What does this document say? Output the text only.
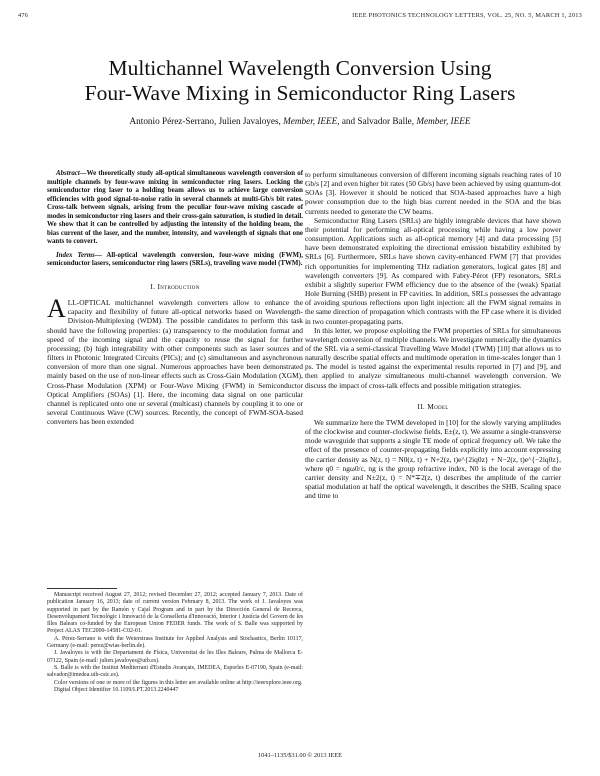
476	IEEE PHOTONICS TECHNOLOGY LETTERS, VOL. 25, NO. 5, MARCH 1, 2013
Multichannel Wavelength Conversion Using
Four-Wave Mixing in Semiconductor Ring Lasers
Antonio Pérez-Serrano, Julien Javaloyes, Member, IEEE, and Salvador Balle, Member, IEEE

Abstract—We theoretically study all-optical simultaneous wavelength conversion of multiple channels by four-wave mixing in semiconductor ring lasers. Locking the semiconductor ring laser to a holding beam allows us to achieve large conversion efficiencies with good signal-to-noise ratio in several channels at multi-Gb/s bit rates. Cross-talk between signals, arising from the peculiar four-wave mixing cascade of modes in semiconductor ring lasers and their cross-gain saturation, is studied in detail. We show that it can be controlled by adjusting the intensity of the holding beam, the bias current of the laser, and the number, intensity, and wavelength of signals that one wants to convert.

Index Terms— All-optical wavelength conversion, four-wave mixing (FWM), semiconductor lasers, semiconductor ring lasers (SRLs), traveling wave model (TWM).

I. Introduction

ALL-OPTICAL multichannel wavelength converters allow to enhance the capacity and flexibility of future all-optical networks based on Wavelength-Division-Multiplexing (WDM). The possible candidates to perform this task should have the following properties: (a) transparency to the modulation format and speed of the incoming signal and the capacity to reuse the signal for further processing; (b) high integrability with other components such as laser sources and filters in Photonic Integrated Circuits (PICs); and (c) simultaneous and asynchronous conversion of more than one signal. Numerous approaches have been demonstrated mainly based on the use of non-linear effects such as Cross-Gain Modulation (XGM), Cross-Phase Modulation (XPM) or Four-Wave Mixing (FWM) in Semiconductor Optical Amplifiers (SOAs) [1]. Here, the incoming data signal on one particular channel is replicated onto one or several (multicast) channels by coupling it to one or several Continuous Wave (CW) sources. Recently, the concept of FWM-SOA-based converters has been extended

Manuscript received August 27, 2012; revised December 27, 2012; accepted January 7, 2013. Date of publication January 16, 2013; date of current version February 8, 2013. The work of J. Javaloyes was supported in part by the Ramón y Cajal Program and in part by the Dirección General de Recerca, Desenvolupament Tecnològic i Innovació de la Conselleria d'Innovació, Interior i Justícia del Govern de les Illes Balears co-funded by the European Union FEDER funds. The work of S. Balle was supported by Project ALAS TEC2009-14581-C02-01.

A. Pérez-Serrano is with the Weierstrass Institute for Applied Analysis and Stochastics, Berlin 10117, Germany (e-mail: perez@wias-berlin.de).

J. Javaloyes is with the Departament de Física, Universitat de les Illes Balears, Palma de Mallorca E-07122, Spain (e-mail: julien.javaloyes@uib.es).

S. Balle is with the Institut Mediterrani d'Estudis Avançats, IMEDEA, Esporles E-07190, Spain (e-mail: salvador@imedea.uib-csic.es).

Color versions of one or more of the figures in this letter are available online at http://ieeexplore.ieee.org.

Digital Object Identifier 10.1109/LPT.2013.2240447

to perform simultaneous conversion of different incoming signals reaching rates of 10 Gb/s [2] and even higher bit rates (50 Gb/s) have been achieved by using quantum-dot SOAs [3]. However it should be noticed that SOA-based approaches have a high power consumption due to the high bias current needed in the SOA and the bias currents needed to generate the CW beams.

Semiconductor Ring Lasers (SRLs) are highly integrable devices that have shown their potential for performing all-optical processing while having a low power consumption. Applications such as all-optical memory [4] and data processing [5] have been demonstrated exploiting the directional emission bistability exhibited by SRLs [6]. Furthermore, SRLs have shown cavity-enhanced FWM [7] that provides rich opportunities for implementing THz radiation generators, logical gates [8] and wavelength converters [9]. As compared with Fabry-Pérot (FP) resonators, SRLs exhibit a slightly superior FWM efficiency due to the absence of the (weak) Spatial Hole Burning (SHB) present in FP cavities. In addition, SRLs possesses the advantage of avoiding spurious reflections upon light injection: all the FWM signal remains in the same direction of propagation which contrasts with the FP case where it is divided in two counter-propagating parts.

In this letter, we propose exploiting the FWM properties of SRLs for simultaneous wavelength conversion of multiple channels. We investigate numerically the dynamics of the SRL via a semi-classical Travelling Wave Model (TWM) [10] that allows us to naturally describe spatial effects and multimode operation in time-scales longer than 1 ps. The model is tested against the experimental results reported in [7] and [9], and then applied to analyze simultaneous multi-channel wavelength conversion. We discuss the impact of cross-talk effects and possible mitigation strategies.

II. Model

We summarize here the TWM developed in [10] for the slowly varying amplitudes of the clockwise and counter-clockwise fields, E±(z, t). We assume a single-transverse mode waveguide that supports a single TE mode of optical frequency ω0. We take the effect of the presence of counter-propagating fields explicitly into account expressing the carrier density as N(z, t) = N0(z, t) + N+2(z, t)e^{2iq0z} + N−2(z, t)e^{−2iq0z}, where q0 = ngω0/c, ng is the group refractive index, N0 is the local average of the carrier density and N±2(z, t) = N*∓2(z, t) describes the amplitude of the carrier spatial modulation at half the optical wavelength, it describes the SHB. Scaling space and time to

1041–1135/$31.00 © 2013 IEEE
